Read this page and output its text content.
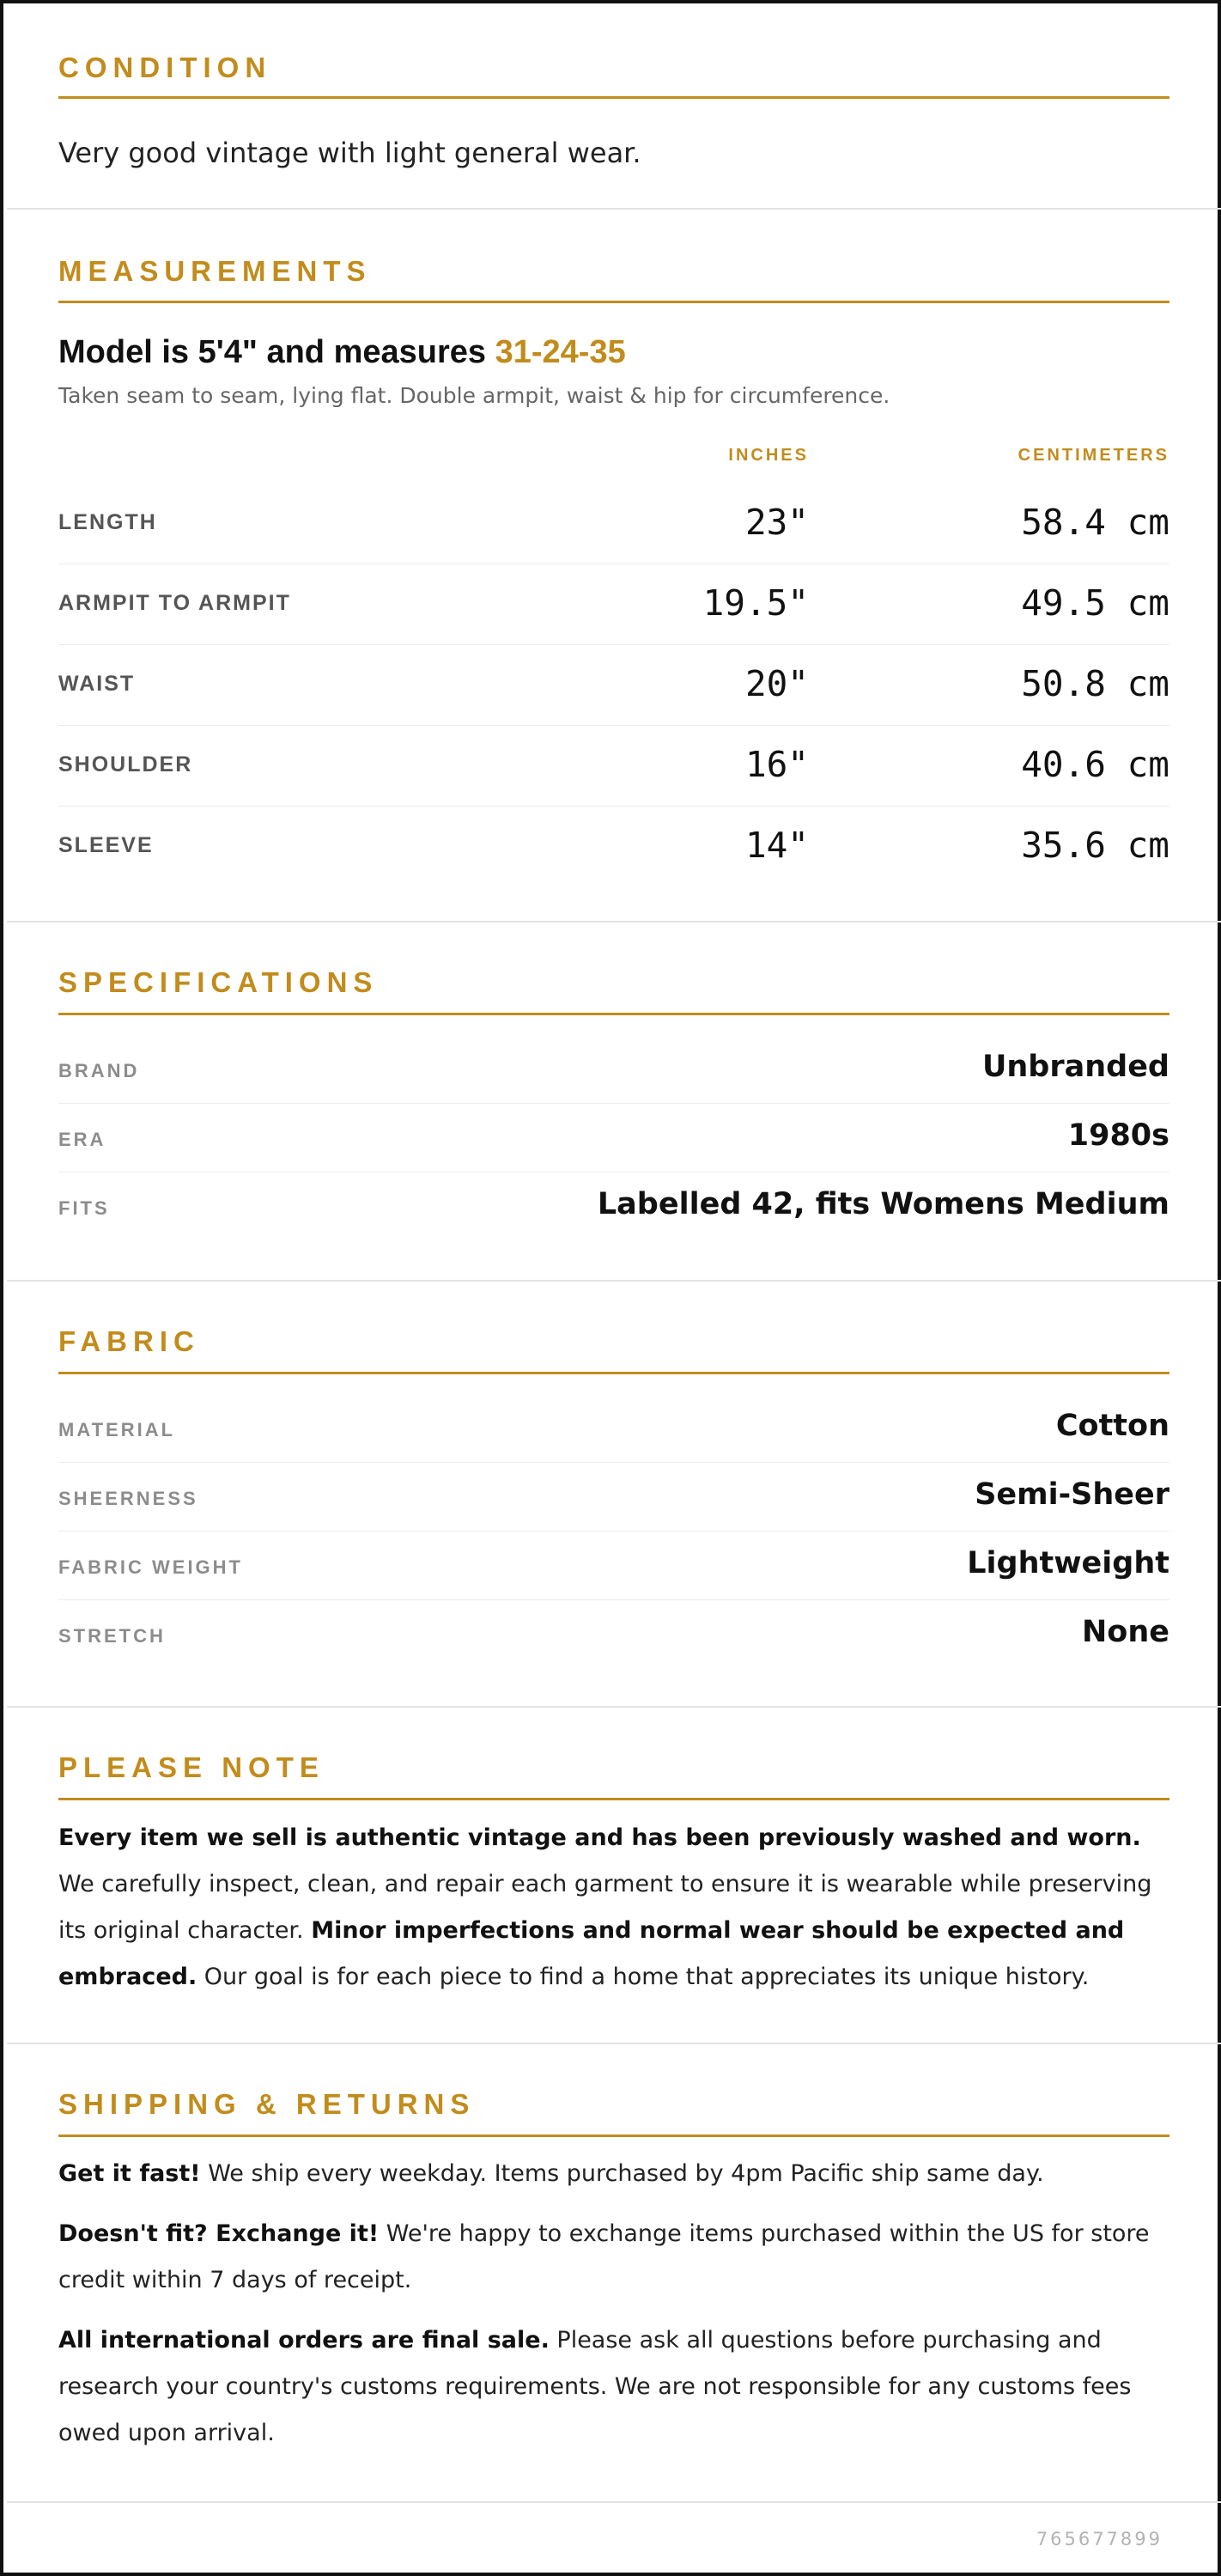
CONDITION
Very good vintage with light general wear.
MEASUREMENTS
Model is 5'4" and measures 31-24-35
Taken seam to seam, lying flat. Double armpit, waist & hip for circumference.
INCHES	CENTIMETERS
LENGTH	23"	58.4 cm
ARMPIT TO ARMPIT	19.5"	49.5 cm
WAIST	20"	50.8 cm
SHOULDER	16"	40.6 cm
SLEEVE	14"	35.6 cm
SPECIFICATIONS
BRAND	Unbranded
ERA	1980s
FITS	Labelled 42, fits Womens Medium
FABRIC
MATERIAL	Cotton
SHEERNESS	Semi-Sheer
FABRIC WEIGHT	Lightweight
STRETCH	None
PLEASE NOTE
Every item we sell is authentic vintage and has been previously washed and worn. We carefully inspect, clean, and repair each garment to ensure it is wearable while preserving its original character. Minor imperfections and normal wear should be expected and embraced. Our goal is for each piece to find a home that appreciates its unique history.
SHIPPING & RETURNS
Get it fast! We ship every weekday. Items purchased by 4pm Pacific ship same day.
Doesn't fit? Exchange it! We're happy to exchange items purchased within the US for store credit within 7 days of receipt.
All international orders are final sale. Please ask all questions before purchasing and research your country's customs requirements. We are not responsible for any customs fees owed upon arrival.
765677899
